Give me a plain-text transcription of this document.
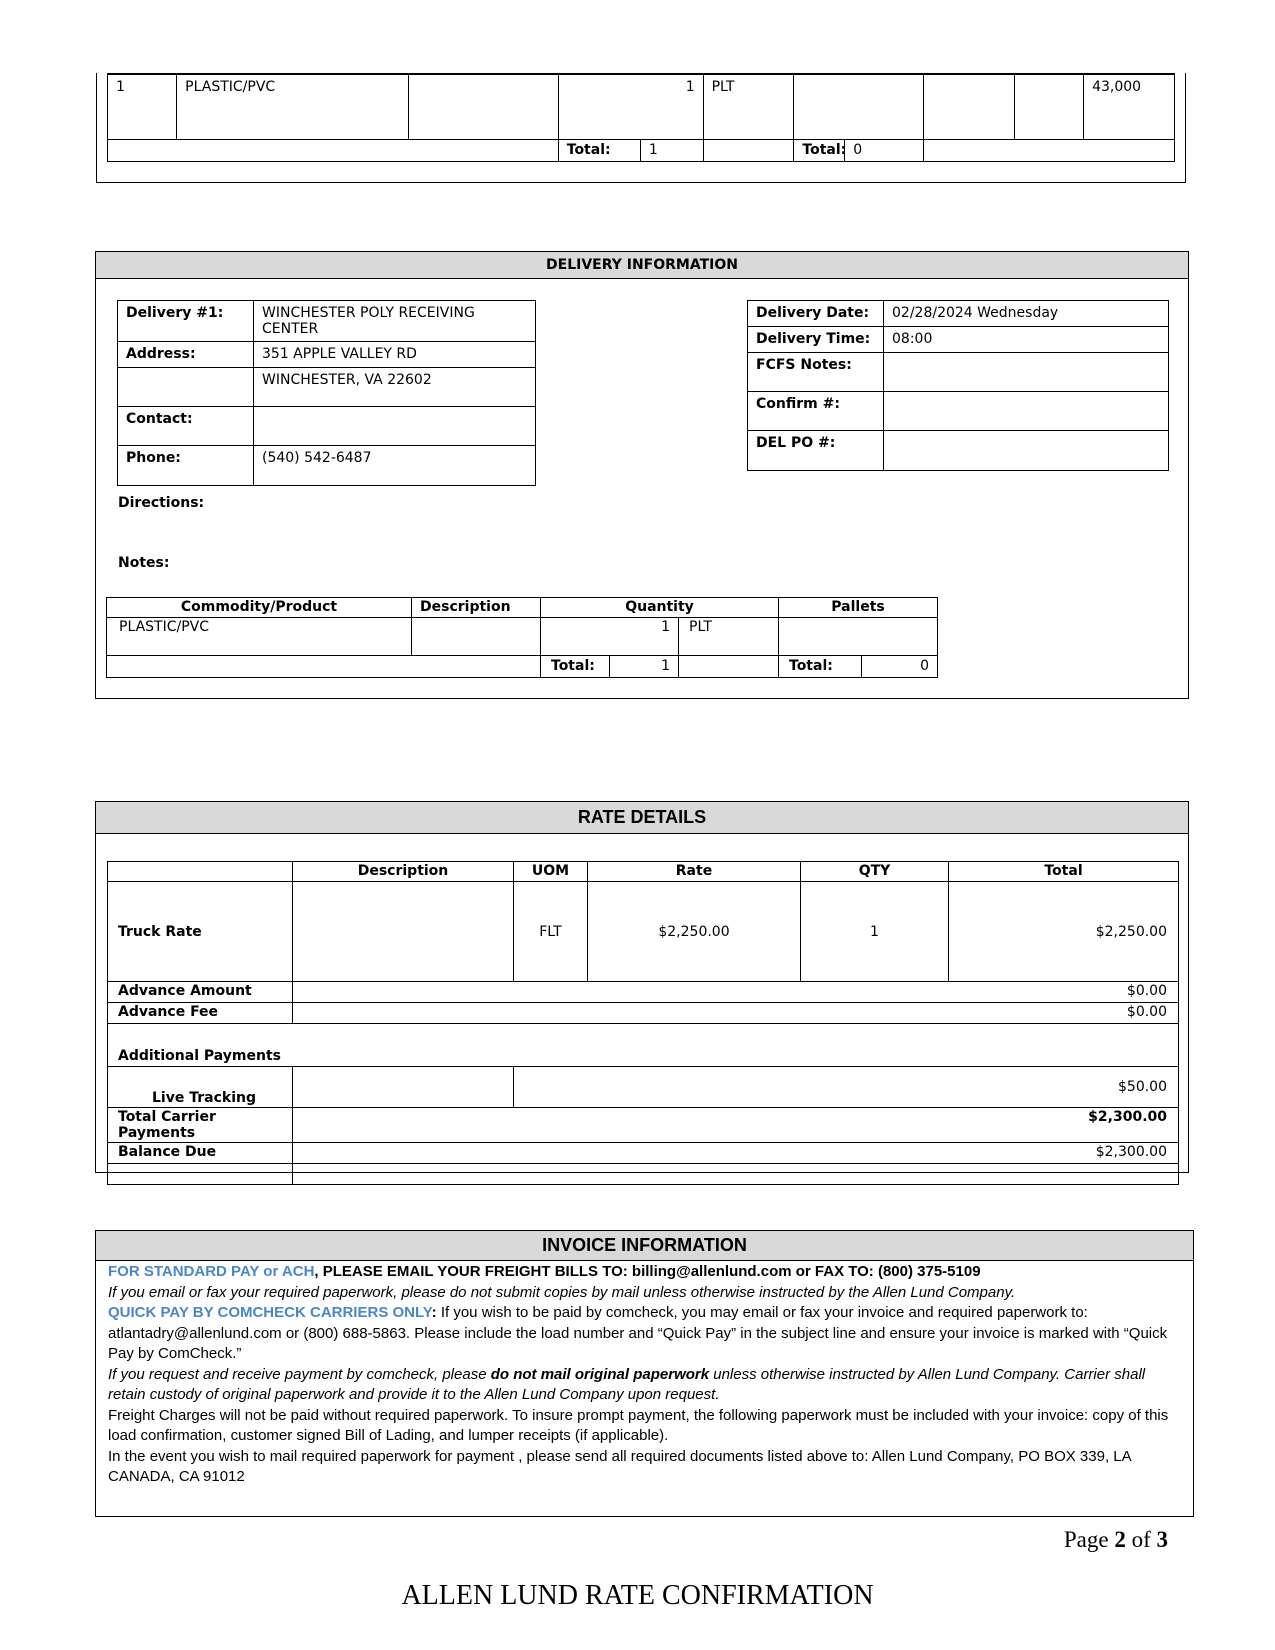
1	PLASTIC/PVC		1		PLT					43,000
			Total:	1		Total:	0			
DELIVERY INFORMATION
Delivery #1:	WINCHESTER POLY RECEIVING CENTER
Address:	351 APPLE VALLEY RD
	WINCHESTER, VA 22602
Contact:	
Phone:	(540) 542-6487
Delivery Date:	02/28/2024 Wednesday
Delivery Time:	08:00
FCFS Notes:	
Confirm #:	
DEL PO #:	
Directions:
Notes:
Commodity/Product	Description	Quantity			Pallets	
PLASTIC/PVC		1		PLT		
		Total:	1		Total:	0
RATE DETAILS
	Description	UOM	Rate	QTY	Total
Truck Rate		FLT	$2,250.00	1	$2,250.00
Advance Amount	$0.00				
Advance Fee	$0.00				
Additional Payments					
Live Tracking		$50.00			
Total Carrier Payments	$2,300.00				
Balance Due	$2,300.00				

INVOICE INFORMATION

FOR STANDARD PAY or ACH, PLEASE EMAIL YOUR FREIGHT BILLS TO: billing@allenlund.com or FAX TO: (800) 375-5109

If you email or fax your required paperwork, please do not submit copies by mail unless otherwise instructed by the Allen Lund Company.

QUICK PAY BY COMCHECK CARRIERS ONLY: If you wish to be paid by comcheck, you may email or fax your invoice and required paperwork to: atlantadry@allenlund.com or (800) 688-5863. Please include the load number and “Quick Pay” in the subject line and ensure your invoice is marked with “Quick Pay by ComCheck.”

If you request and receive payment by comcheck, please do not mail original paperwork unless otherwise instructed by Allen Lund Company. Carrier shall retain custody of original paperwork and provide it to the Allen Lund Company upon request.

Freight Charges will not be paid without required paperwork. To insure prompt payment, the following paperwork must be included with your invoice: copy of this load confirmation, customer signed Bill of Lading, and lumper receipts (if applicable).

In the event you wish to mail required paperwork for payment , please send all required documents listed above to: Allen Lund Company, PO BOX 339, LA CANADA, CA 91012

Page 2 of 3
ALLEN LUND RATE CONFIRMATION
